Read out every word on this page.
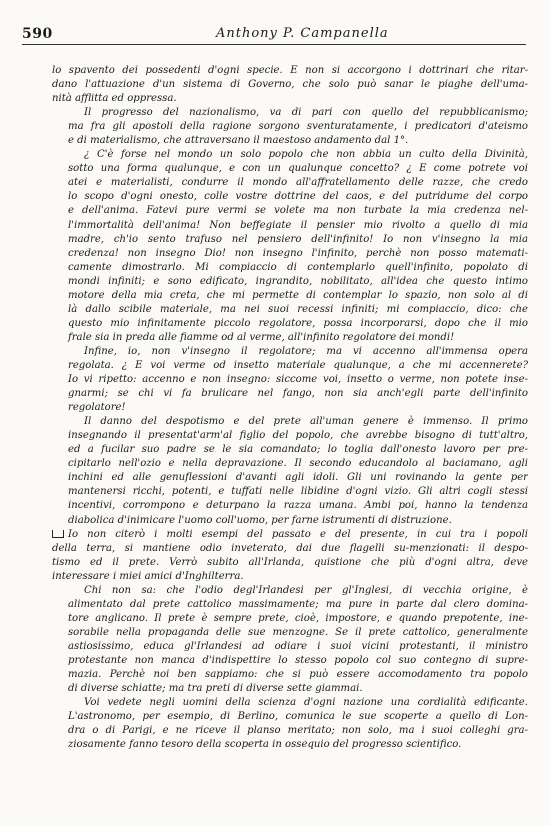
590	Anthony P. Campanella
lo spavento dei possedenti d'ogni specie. E non si accorgono i dottrinari che ritar-
dano l'attuazione d'un sistema di Governo, che solo può sanar le piaghe dell'uma-
nità afflitta ed oppressa.
Il progresso del nazionalismo, va di pari con quello del repubblicanismo;
ma fra gli apostoli della ragione sorgono sventuratamente, i predicatori d'ateismo
e di materialismo, che attraversano il maestoso andamento dal 1°.
¿ C'è forse nel mondo un solo popolo che non abbia un culto della Divinità,
sotto una forma qualunque, e con un qualunque concetto? ¿ E come potrete voi
atei e materialisti, condurre il mondo all'affratellamento delle razze, che credo
lo scopo d'ogni onesto, colle vostre dottrine del caos, e del putridume del corpo
e dell'anima. Fatevi pure vermi se volete ma non turbate la mia credenza nel-
l'immortalità dell'anima! Non beffegiate il pensier mio rivolto a quello di mia
madre, ch'io sento trafuso nel pensiero dell'infinito! Io non v'insegno la mia
credenza! non insegno Dio! non insegno l'infinito, perchè non posso matemati-
camente dimostrarlo. Mi compiaccio di contemplarlo quell'infinito, popolato di
mondi infiniti; e sono edificato, ingrandito, nobilitato, all'idea che questo intimo
motore della mia creta, che mi permette di contemplar lo spazio, non solo al di
là dallo scibile materiale, ma nei suoi recessi infiniti; mi compiaccio, dico: che
questo mio infinitamente piccolo regolatore, possa incorporarsi, dopo che il mio
frale sia in preda alle fiamme od al verme, all'infinito regolatore dei mondi!
Infine, io, non v'insegno il regolatore; ma vi accenno all'immensa opera
regolata. ¿ E voi verme od insetto materiale qualunque, a che mi accennerete?
Io vi ripetto: accenno e non insegno: siccome voi, insetto o verme, non potete inse-
gnarmi; se chi vi fa brulicare nel fango, non sia anch'egli parte dell'infinito
regolatore!
Il danno del despotismo e del prete all'uman genere è immenso. Il primo
insegnando il presentat'arm'al figlio del popolo, che avrebbe bisogno di tutt'altro,
ed a fucilar suo padre se le sia comandato; lo toglia dall'onesto lavoro per pre-
cipitarlo nell'ozio e nella depravazione. Il secondo educandolo al baciamano, agli
inchini ed alle genuflessioni d'avanti agli idoli. Gli uni rovinando la gente per
mantenersi ricchi, potenti, e tuffati nelle libidine d'ogni vizio. Gli altri cogli stessi
incentivi, corrompono e deturpano la razza umana. Ambi poi, hanno la tendenza
diabolica d'inimicare l'uomo coll'uomo, per farne istrumenti di distruzione.
Io non citerò i molti esempi del passato e del presente, in cui tra i popoli
della terra, si mantiene odio inveterato, dai due flagelli su-menzionati: il despo-
tismo ed il prete. Verrò subito all'Irlanda, quistione che più d'ogni altra, deve
interessare i miei amici d'Inghilterra.
Chi non sa: che l'odio degl'Irlandesi per gl'Inglesi, di vecchia origine, è
alimentato dal prete cattolico massimamente; ma pure in parte dal clero domina-
tore anglicano. Il prete è sempre prete, cioè, impostore, e quando prepotente, ine-
sorabile nella propaganda delle sue menzogne. Se il prete cattolico, generalmente
astiosissimo, educa gl'Irlandesi ad odiare i suoi vicini protestanti, il ministro
protestante non manca d'indispettire lo stesso popolo col suo contegno di supre-
mazia. Perchè noi ben sappiamo: che si può essere accomodamento tra popolo
di diverse schiatte; ma tra preti di diverse sette giammai.
Voi vedete negli uomini della scienza d'ogni nazione una cordialità edificante.
L'astronomo, per esempio, di Berlino, comunica le sue scoperte a quello di Lon-
dra o di Parigi, e ne riceve il planso meritato; non solo, ma i suoi colleghi gra-
ziosamente fanno tesoro della scoperta in ossequio del progresso scientifico.
